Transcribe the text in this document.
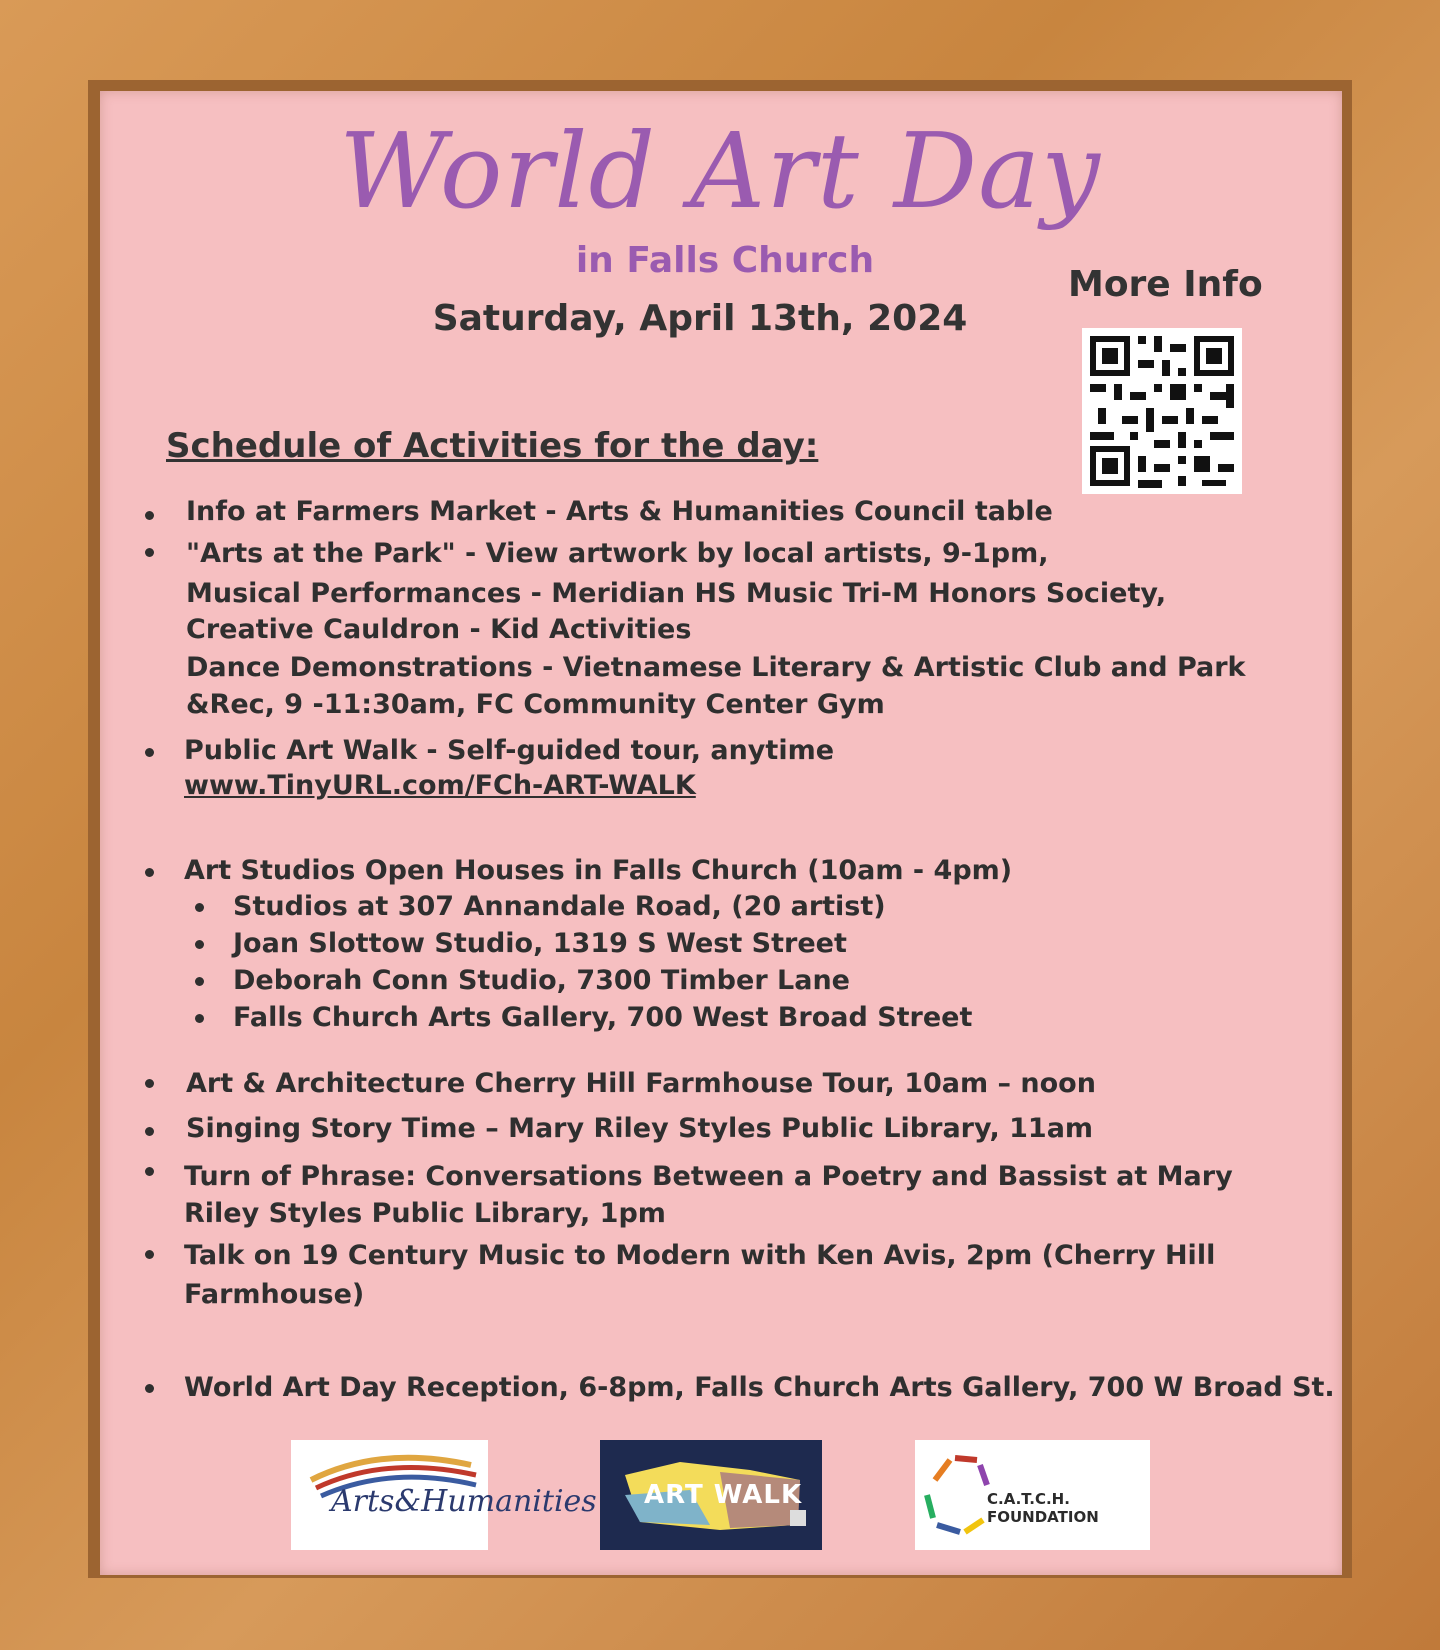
World Art Day
in Falls Church
Saturday, April 13th, 2024
More Info
Schedule of Activities for the day:
Info at Farmers Market - Arts & Humanities Council table
"Arts at the Park" - View artwork by local artists, 9-1pm,
Musical Performances - Meridian HS Music Tri-M Honors Society,
Creative Cauldron - Kid Activities
Dance Demonstrations - Vietnamese Literary & Artistic Club and Park
&Rec, 9 -11:30am, FC Community Center Gym
Public Art Walk - Self-guided tour, anytime
www.TinyURL.com/FCh-ART-WALK
Art Studios Open Houses in Falls Church (10am - 4pm)
Studios at 307 Annandale Road, (20 artist)
Joan Slottow Studio, 1319 S West Street
Deborah Conn Studio, 7300 Timber Lane
Falls Church Arts Gallery, 700 West Broad Street
Art & Architecture Cherry Hill Farmhouse Tour, 10am – noon
Singing Story Time – Mary Riley Styles Public Library, 11am
Turn of Phrase: Conversations Between a Poetry and Bassist at Mary
Riley Styles Public Library, 1pm
Talk on 19 Century Music to Modern with Ken Avis, 2pm (Cherry Hill
Farmhouse)
World Art Day Reception, 6-8pm, Falls Church Arts Gallery, 700 W Broad St.
Arts&Humanities ART WALK	C.A.T.C.H. FOUNDATION
